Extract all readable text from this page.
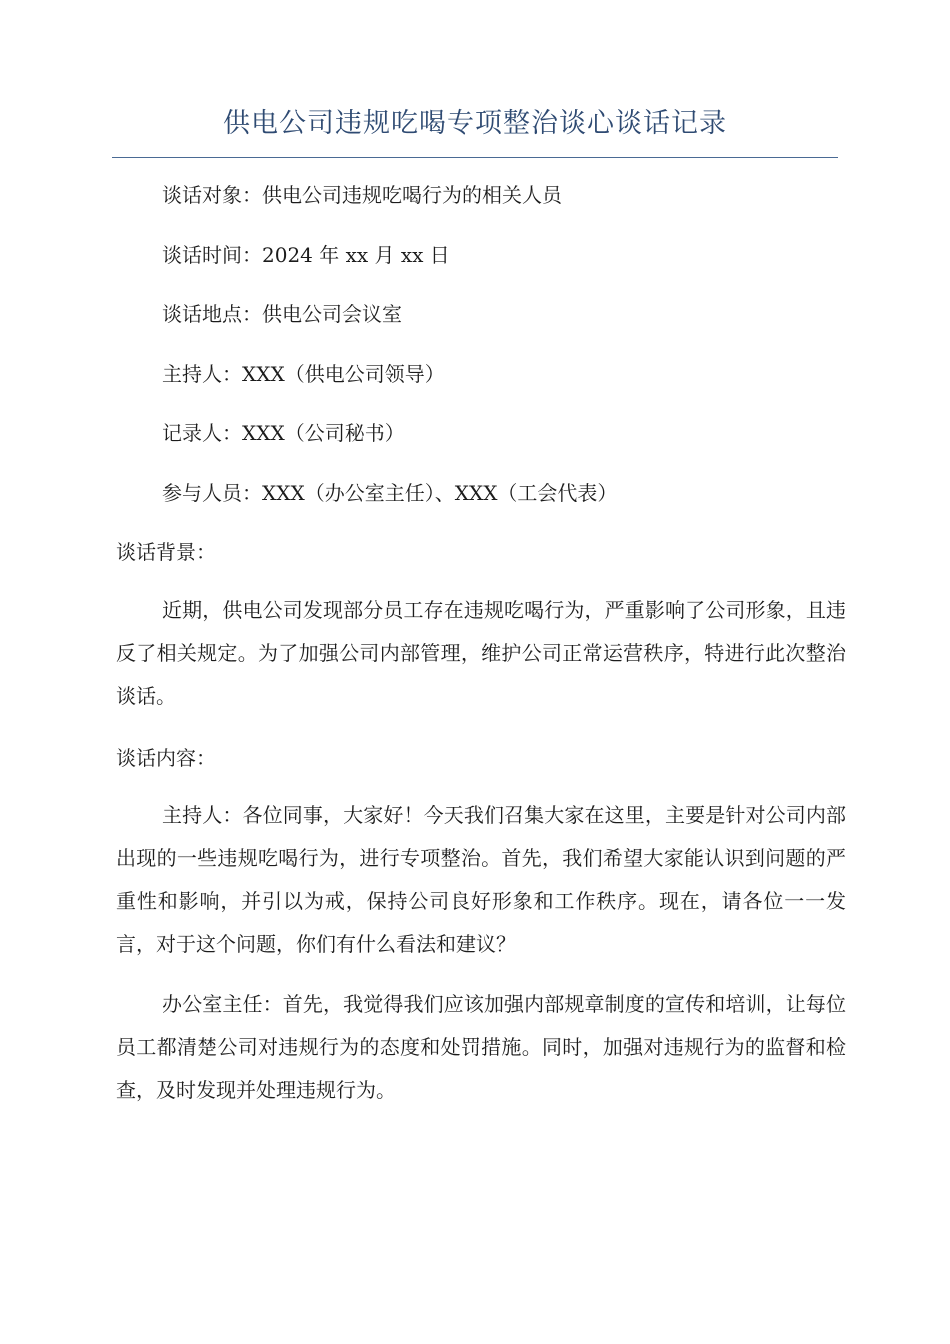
供电公司违规吃喝专项整治谈心谈话记录
谈话对象：供电公司违规吃喝行为的相关人员
谈话时间：2024 年 xx 月 xx 日
谈话地点：供电公司会议室
主持人：XXX（供电公司领导）
记录人：XXX（公司秘书）
参与人员：XXX（办公室主任）、XXX（工会代表）
谈话背景：

近期，供电公司发现部分员工存在违规吃喝行为，严重影响了公司形象，且违反了相关规定。为了加强公司内部管理，维护公司正常运营秩序，特进行此次整治谈话。

谈话内容：

主持人：各位同事，大家好！今天我们召集大家在这里，主要是针对公司内部出现的一些违规吃喝行为，进行专项整治。首先，我们希望大家能认识到问题的严重性和影响，并引以为戒，保持公司良好形象和工作秩序。现在，请各位一一发言，对于这个问题，你们有什么看法和建议？

办公室主任：首先，我觉得我们应该加强内部规章制度的宣传和培训，让每位员工都清楚公司对违规行为的态度和处罚措施。同时，加强对违规行为的监督和检查，及时发现并处理违规行为。
